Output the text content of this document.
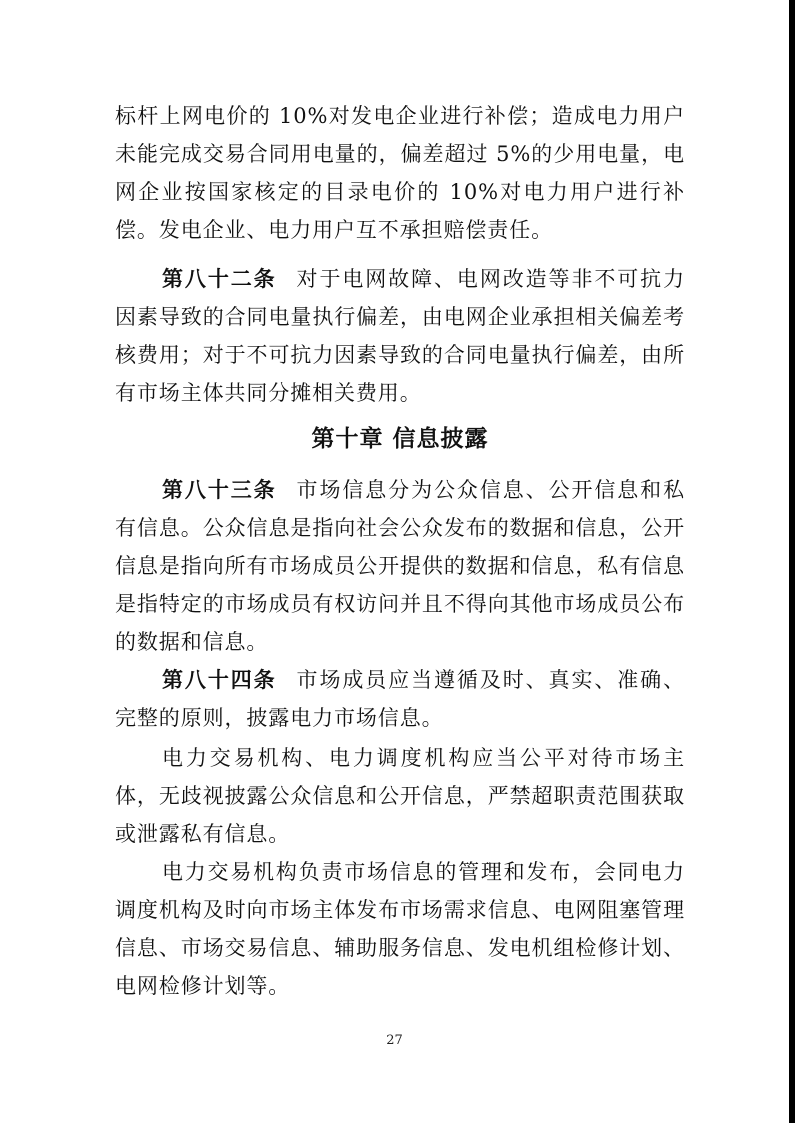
标杆上网电价的 10%对发电企业进行补偿；造成电力用户未能完成交易合同用电量的，偏差超过 5%的少用电量，电网企业按国家核定的目录电价的 10%对电力用户进行补偿。发电企业、电力用户互不承担赔偿责任。

第八十二条 对于电网故障、电网改造等非不可抗力因素导致的合同电量执行偏差，由电网企业承担相关偏差考核费用；对于不可抗力因素导致的合同电量执行偏差，由所有市场主体共同分摊相关费用。

第十章 信息披露

第八十三条 市场信息分为公众信息、公开信息和私有信息。公众信息是指向社会公众发布的数据和信息，公开信息是指向所有市场成员公开提供的数据和信息，私有信息是指特定的市场成员有权访问并且不得向其他市场成员公布的数据和信息。

第八十四条 市场成员应当遵循及时、真实、准确、完整的原则，披露电力市场信息。

电力交易机构、电力调度机构应当公平对待市场主体，无歧视披露公众信息和公开信息，严禁超职责范围获取或泄露私有信息。

电力交易机构负责市场信息的管理和发布，会同电力调度机构及时向市场主体发布市场需求信息、电网阻塞管理信息、市场交易信息、辅助服务信息、发电机组检修计划、电网检修计划等。

27
